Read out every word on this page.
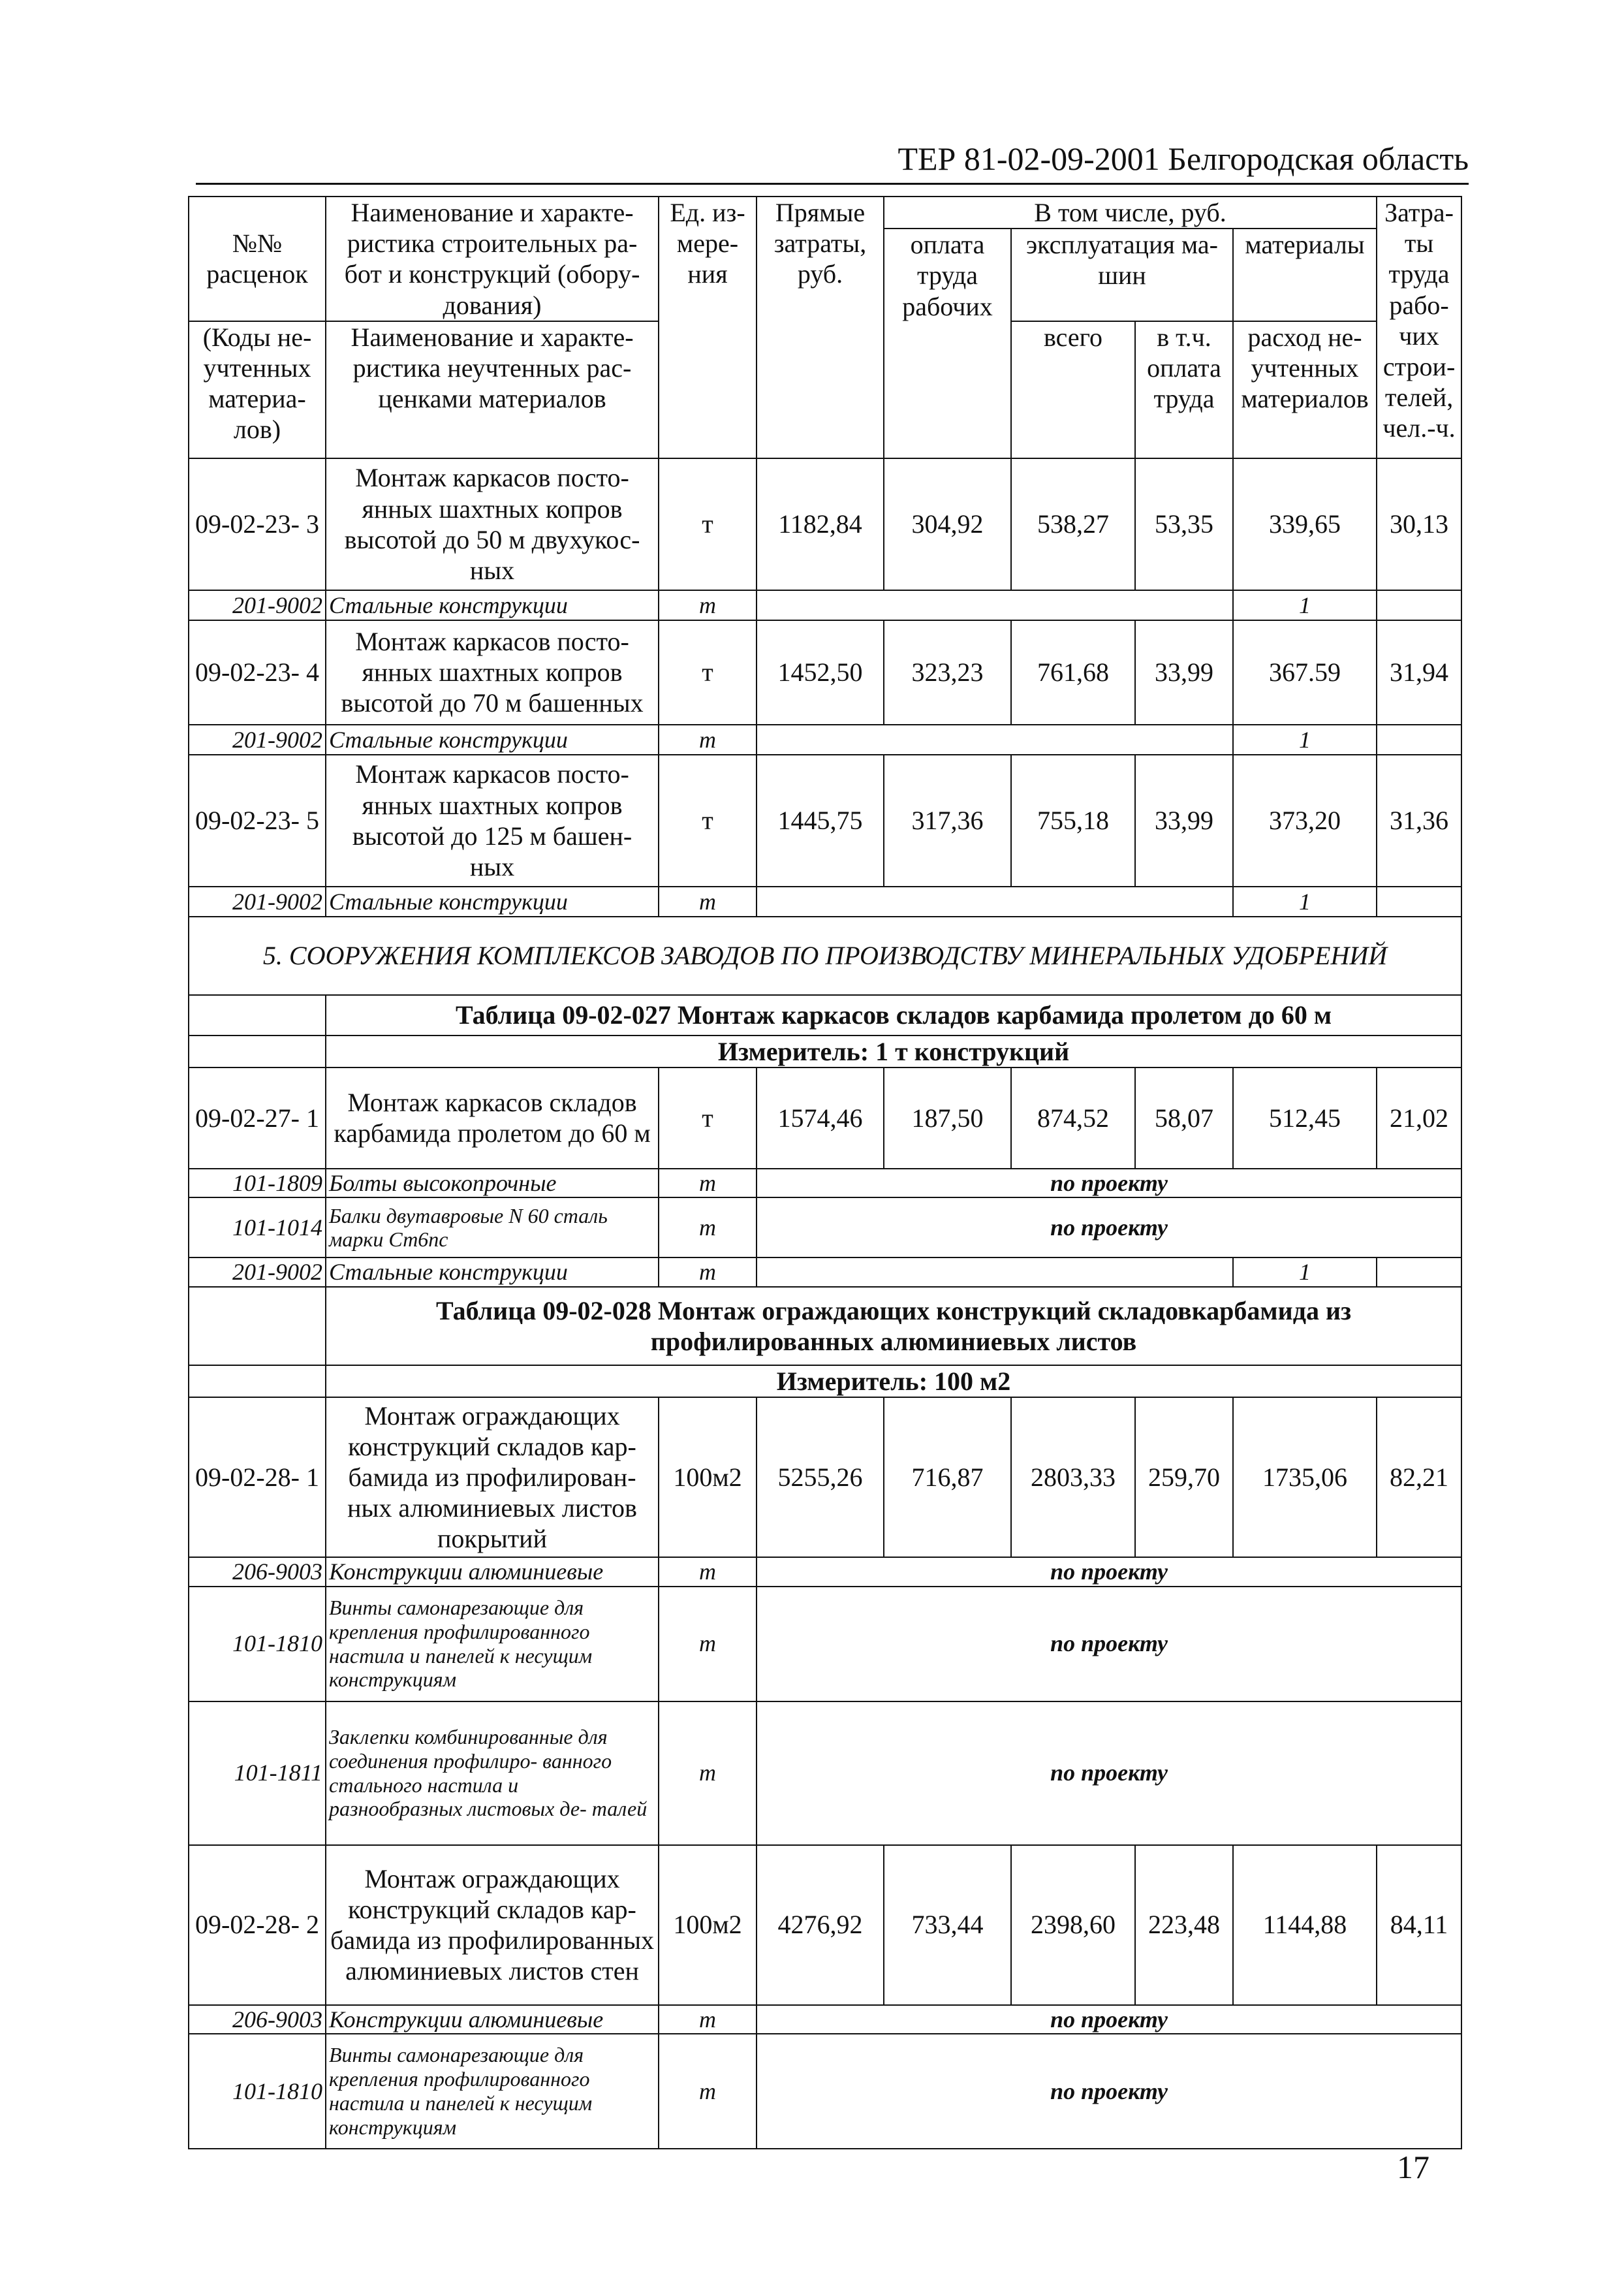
ТЕР 81-02-09-2001 Белгородская область
№№ расценок	Наименование и характе- ристика строительных ра- бот и конструкций (обору- дования)	Ед. из- мере- ния	Прямые затраты, руб.	В том числе, руб.				Затра- ты труда рабо- чих строи- телей, чел.-ч.
				оплата труда рабочих	эксплуатация ма- шин		материалы	
(Коды не- учтенных материа- лов)	Наименование и характе- ристика неучтенных рас- ценками материалов				всего	в т.ч. оплата труда	расход не- учтенных материалов	
09-02-23- 3	Монтаж каркасов посто- янных шахтных копров высотой до 50 м двухукос- ных	т	1182,84	304,92	538,27	53,35	339,65	30,13
201-9002	Стальные конструкции	т					1	
09-02-23- 4	Монтаж каркасов посто- янных шахтных копров высотой до 70 м башенных	т	1452,50	323,23	761,68	33,99	367.59	31,94
201-9002	Стальные конструкции	т					1	
09-02-23- 5	Монтаж каркасов посто- янных шахтных копров высотой до 125 м башен- ных	т	1445,75	317,36	755,18	33,99	373,20	31,36
201-9002	Стальные конструкции	т					1	
5. СООРУЖЕНИЯ КОМПЛЕКСОВ ЗАВОДОВ ПО ПРОИЗВОДСТВУ МИНЕРАЛЬНЫХ УДОБРЕНИЙ								
	Таблица 09-02-027 Монтаж каркасов складов карбамида пролетом до 60 м							
	Измеритель: 1 т конструкций							
09-02-27- 1	Монтаж каркасов складов карбамида пролетом до 60 м	т	1574,46	187,50	874,52	58,07	512,45	21,02
101-1809	Болты высокопрочные	т	по проекту					
101-1014	Балки двутавровые N 60 сталь марки Ст6пс	т	по проекту					
201-9002	Стальные конструкции	т					1	
	Таблица 09-02-028 Монтаж ограждающих конструкций складовкарбамида из профилированных алюминиевых листов							
	Измеритель: 100 м2							
09-02-28- 1	Монтаж ограждающих конструкций складов кар- бамида из профилирован- ных алюминиевых листов покрытий	100м2	5255,26	716,87	2803,33	259,70	1735,06	82,21
206-9003	Конструкции алюминиевые	т	по проекту					
101-1810	Винты самонарезающие для крепления профилированного настила и панелей к несущим конструкциям	т	по проекту					
101-1811	Заклепки комбинированные для соединения профилиро- ванного стального настила и разнообразных листовых де- талей	т	по проекту					
09-02-28- 2	Монтаж ограждающих конструкций складов кар- бамида из профилированных алюминиевых листов стен	100м2	4276,92	733,44	2398,60	223,48	1144,88	84,11
206-9003	Конструкции алюминиевые	т	по проекту					
101-1810	Винты самонарезающие для крепления профилированного настила и панелей к несущим конструкциям	т	по проекту					
17
